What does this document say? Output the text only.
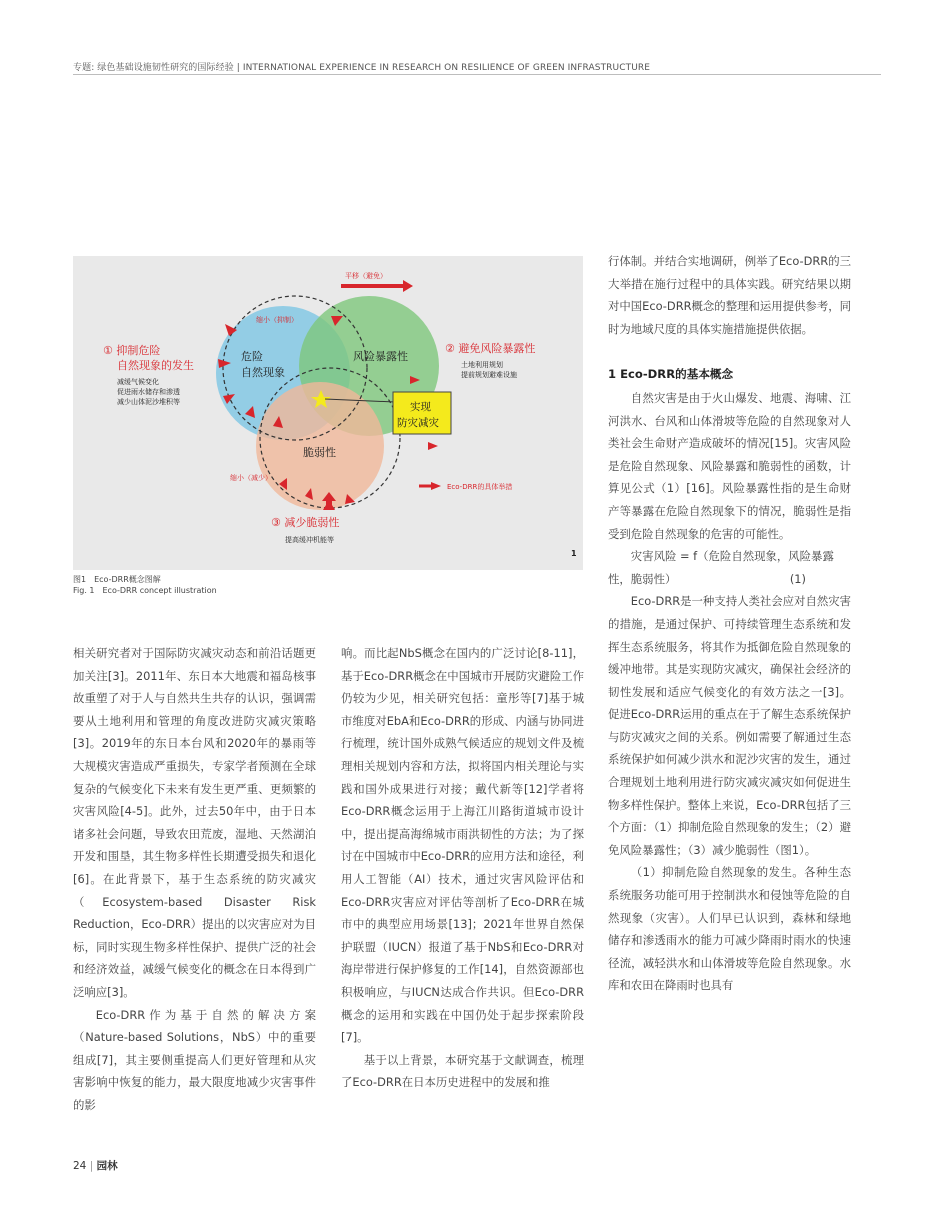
专题: 绿色基础设施韧性研究的国际经验 | INTERNATIONAL EXPERIENCE IN RESEARCH ON RESILIENCE OF GREEN INFRASTRUCTURE
平移（避免）
缩小（抑制）
缩小（减少）
危险
自然现象
风险暴露性
脆弱性
实现
防灾减灾
① 抑制危险
自然现象的发生
减缓气候变化
促进雨水储存和渗透
减少山体泥沙堆积等
② 避免风险暴露性
土地利用规划
提前规划避难设施
Eco-DRR的具体举措
③ 减少脆弱性
提高缓冲机能等
1
图1　Eco-DRR概念图解
Fig. 1　Eco-DRR concept illustration

相关研究者对于国际防灾减灾动态和前沿话题更加关注[3]。2011年、东日本大地震和福岛核事故重塑了对于人与自然共生共存的认识，强调需要从土地利用和管理的角度改进防灾减灾策略[3]。2019年的东日本台风和2020年的暴雨等大规模灾害造成严重损失，专家学者预测在全球复杂的气候变化下未来有发生更严重、更频繁的灾害风险[4-5]。此外，过去50年中，由于日本诸多社会问题，导致农田荒废，湿地、天然湖泊开发和围垦，其生物多样性长期遭受损失和退化[6]。在此背景下，基于生态系统的防灾减灾（Ecosystem-based Disaster Risk Reduction，Eco-DRR）提出的以灾害应对为目标，同时实现生物多样性保护、提供广泛的社会和经济效益，减缓气候变化的概念在日本得到广泛响应[3]。

Eco-DRR作为基于自然的解决方案（Nature-based Solutions，NbS）中的重要组成[7]，其主要侧重提高人们更好管理和从灾害影响中恢复的能力，最大限度地减少灾害事件的影

响。而比起NbS概念在国内的广泛讨论[8-11]，基于Eco-DRR概念在中国城市开展防灾避险工作仍较为少见，相关研究包括：童彤等[7]基于城市维度对EbA和Eco-DRR的形成、内涵与协同进行梳理，统计国外成熟气候适应的规划文件及梳理相关规划内容和方法，拟将国内相关理论与实践和国外成果进行对接；戴代新等[12]学者将Eco-DRR概念运用于上海江川路街道城市设计中，提出提高海绵城市雨洪韧性的方法；为了探讨在中国城市中Eco-DRR的应用方法和途径，利用人工智能（AI）技术，通过灾害风险评估和Eco-DRR灾害应对评估等剖析了Eco-DRR在城市中的典型应用场景[13]；2021年世界自然保护联盟（IUCN）报道了基于NbS和Eco-DRR对海岸带进行保护修复的工作[14]，自然资源部也积极响应，与IUCN达成合作共识。但Eco-DRR概念的运用和实践在中国仍处于起步探索阶段[7]。

基于以上背景，本研究基于文献调查，梳理了Eco-DRR在日本历史进程中的发展和推

行体制。并结合实地调研，例举了Eco-DRR的三大举措在施行过程中的具体实践。研究结果以期对中国Eco-DRR概念的整理和运用提供参考，同时为地域尺度的具体实施措施提供依据。

1 Eco-DRR的基本概念

自然灾害是由于火山爆发、地震、海啸、江河洪水、台风和山体滑坡等危险的自然现象对人类社会生命财产造成破坏的情况[15]。灾害风险是危险自然现象、风险暴露和脆弱性的函数，计算见公式（1）[16]。风险暴露性指的是生命财产等暴露在危险自然现象下的情况，脆弱性是指受到危险自然现象的危害的可能性。

灾害风险 = f（危险自然现象，风险暴露

性，脆弱性）	(1)

Eco-DRR是一种支持人类社会应对自然灾害的措施，是通过保护、可持续管理生态系统和发挥生态系统服务，将其作为抵御危险自然现象的缓冲地带。其是实现防灾减灾，确保社会经济的韧性发展和适应气候变化的有效方法之一[3]。促进Eco-DRR运用的重点在于了解生态系统保护与防灾减灾之间的关系。例如需要了解通过生态系统保护如何减少洪水和泥沙灾害的发生，通过合理规划土地利用进行防灾减灾减灾如何促进生物多样性保护。整体上来说，Eco-DRR包括了三个方面：（1）抑制危险自然现象的发生；（2）避免风险暴露性；（3）减少脆弱性（图1）。

（1）抑制危险自然现象的发生。各种生态系统服务功能可用于控制洪水和侵蚀等危险的自然现象（灾害）。人们早已认识到，森林和绿地储存和渗透雨水的能力可减少降雨时雨水的快速径流，减轻洪水和山体滑坡等危险自然现象。水库和农田在降雨时也具有

24 | 园林
